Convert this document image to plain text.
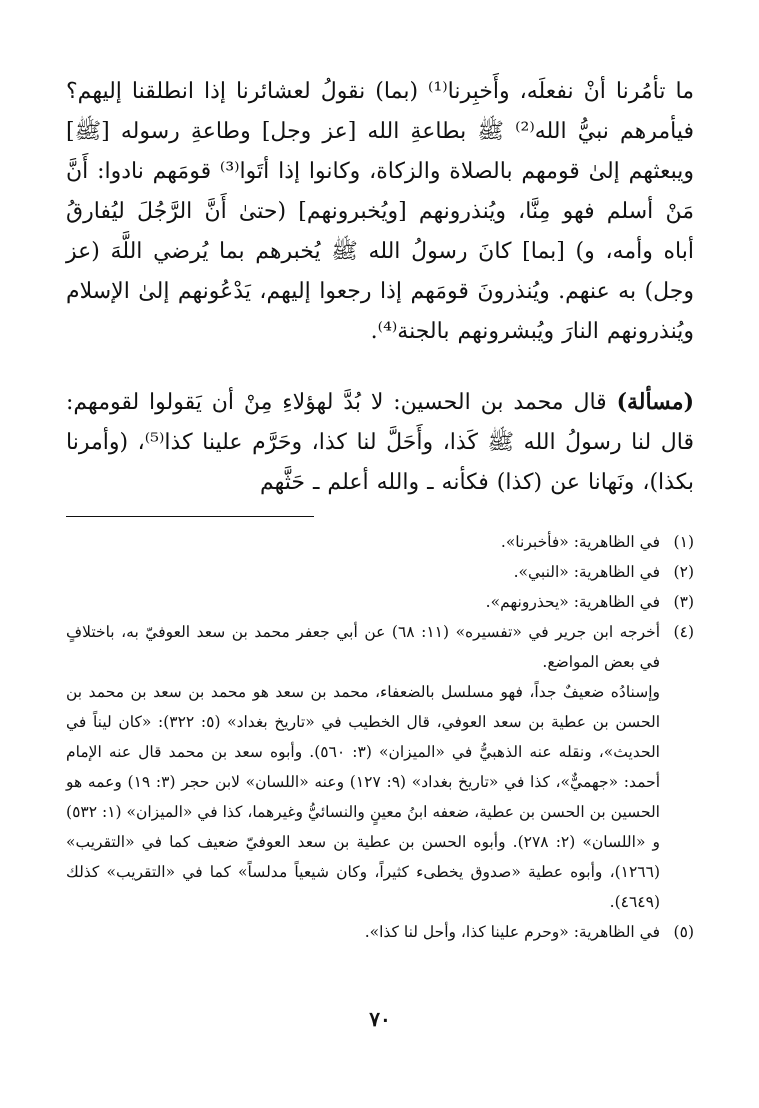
ما تأمُرنا أنْ نفعلَه، وأَخبِرنا⁽¹⁾ (بما) نقولُ لعشائرنا إذا انطلقنا إليهم؟ فيأمرهم نبيُّ الله⁽²⁾ ﷺ بطاعةِ الله [عز وجل] وطاعةِ رسوله [ﷺ] ويبعثهم إلىٰ قومهم بالصلاة والزكاة، وكانوا إذا أتَوا⁽³⁾ قومَهم نادوا: أَنَّ مَنْ أسلم فهو مِنَّا، ويُنذرونهم [ويُخبرونهم] (حتىٰ أَنَّ الرَّجُلَ ليُفارقُ أباه وأمه، و) [بما] كانَ رسولُ الله ﷺ يُخبرهم بما يُرضي اللَّهَ (عز وجل) به عنهم. ويُنذرونَ قومَهم إذا رجعوا إليهم، يَدْعُونهم إلىٰ الإسلام ويُنذرونهم النارَ ويُبشرونهم بالجنة⁽⁴⁾.

(مسألة) قال محمد بن الحسين: لا بُدَّ لهؤلاءِ مِنْ أن يَقولوا لقومهم: قال لنا رسولُ الله ﷺ كَذا، وأَحَلَّ لنا كذا، وحَرَّم علينا كذا⁽⁵⁾، (وأمرنا بكذا)، ونَهانا عن (كذا) فكأنه ـ والله أعلم ـ حَثَّهم

(١)

في الظاهرية: «فأخبرنا».

(٢)

في الظاهرية: «النبي».

(٣)

في الظاهرية: «يحذرونهم».

(٤)

أخرجه ابن جرير في «تفسيره» (١١: ٦٨) عن أبي جعفر محمد بن سعد العوفيّ به، باختلافٍ في بعض المواضع.

وإسنادُه ضعيفٌ جداً، فهو مسلسل بالضعفاء، محمد بن سعد هو محمد بن سعد بن محمد بن الحسن بن عطية بن سعد العوفي، قال الخطيب في «تاريخ بغداد» (٥: ٣٢٢): «كان ليناً في الحديث»، ونقله عنه الذهبيُّ في «الميزان» (٣: ٥٦٠). وأبوه سعد بن محمد قال عنه الإمام أحمد: «جهميٌّ»، كذا في «تاريخ بغداد» (٩: ١٢٧) وعنه «اللسان» لابن حجر (٣: ١٩) وعمه هو الحسين بن الحسن بن عطية، ضعفه ابنُ معينٍ والنسائيُّ وغيرهما، كذا في «الميزان» (١: ٥٣٢) و «اللسان» (٢: ٢٧٨). وأبوه الحسن بن عطية بن سعد العوفيّ ضعيف كما في «التقريب» (١٢٦٦)، وأبوه عطية «صدوق يخطىء كثيراً، وكان شيعياً مدلساً» كما في «التقريب» كذلك (٤٦٤٩).

(٥)

في الظاهرية: «وحرم علينا كذا، وأحل لنا كذا».

٧٠
